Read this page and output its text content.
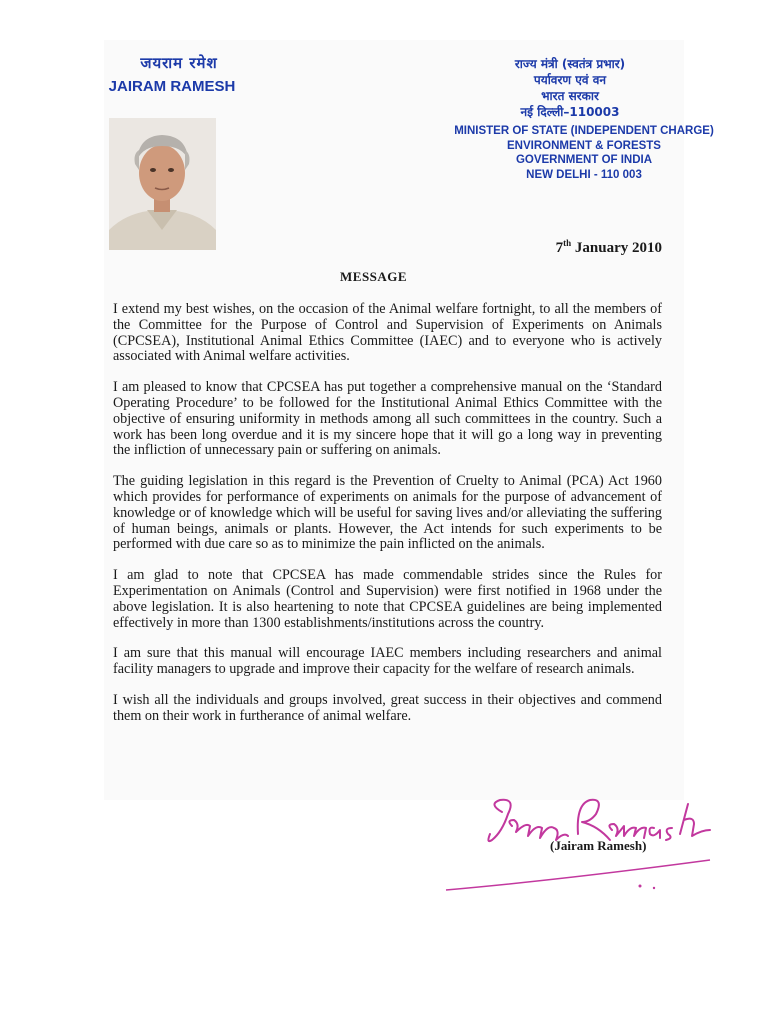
जयराम रमेश
JAIRAM RAMESH
राज्य मंत्री (स्वतंत्र प्रभार)
पर्यावरण एवं वन
भारत सरकार
नई दिल्ली–110003
MINISTER OF STATE (INDEPENDENT CHARGE)
ENVIRONMENT & FORESTS
GOVERNMENT OF INDIA
NEW DELHI - 110 003
7th January 2010
MESSAGE

I extend my best wishes, on the occasion of the Animal welfare fortnight, to all the members of the Committee for the Purpose of Control and Supervision of Experiments on Animals (CPCSEA), Institutional Animal Ethics Committee (IAEC) and to everyone who is actively associated with Animal welfare activities.

I am pleased to know that CPCSEA has put together a comprehensive manual on the ‘Standard Operating Procedure’ to be followed for the Institutional Animal Ethics Committee with the objective of ensuring uniformity in methods among all such committees in the country. Such a work has been long overdue and it is my sincere hope that it will go a long way in preventing the infliction of unnecessary pain or suffering on animals.

The guiding legislation in this regard is the Prevention of Cruelty to Animal (PCA) Act 1960 which provides for performance of experiments on animals for the purpose of advancement of knowledge or of knowledge which will be useful for saving lives and/or alleviating the suffering of human beings, animals or plants. However, the Act intends for such experiments to be performed with due care so as to minimize the pain inflicted on the animals.

I am glad to note that CPCSEA has made commendable strides since the Rules for Experimentation on Animals (Control and Supervision) were first notified in 1968 under the above legislation. It is also heartening to note that CPCSEA guidelines are being implemented effectively in more than 1300 establishments/institutions across the country.

I am sure that this manual will encourage IAEC members including researchers and animal facility managers to upgrade and improve their capacity for the welfare of research animals.

I wish all the individuals and groups involved, great success in their objectives and commend them on their work in furtherance of animal welfare.

(Jairam Ramesh)
